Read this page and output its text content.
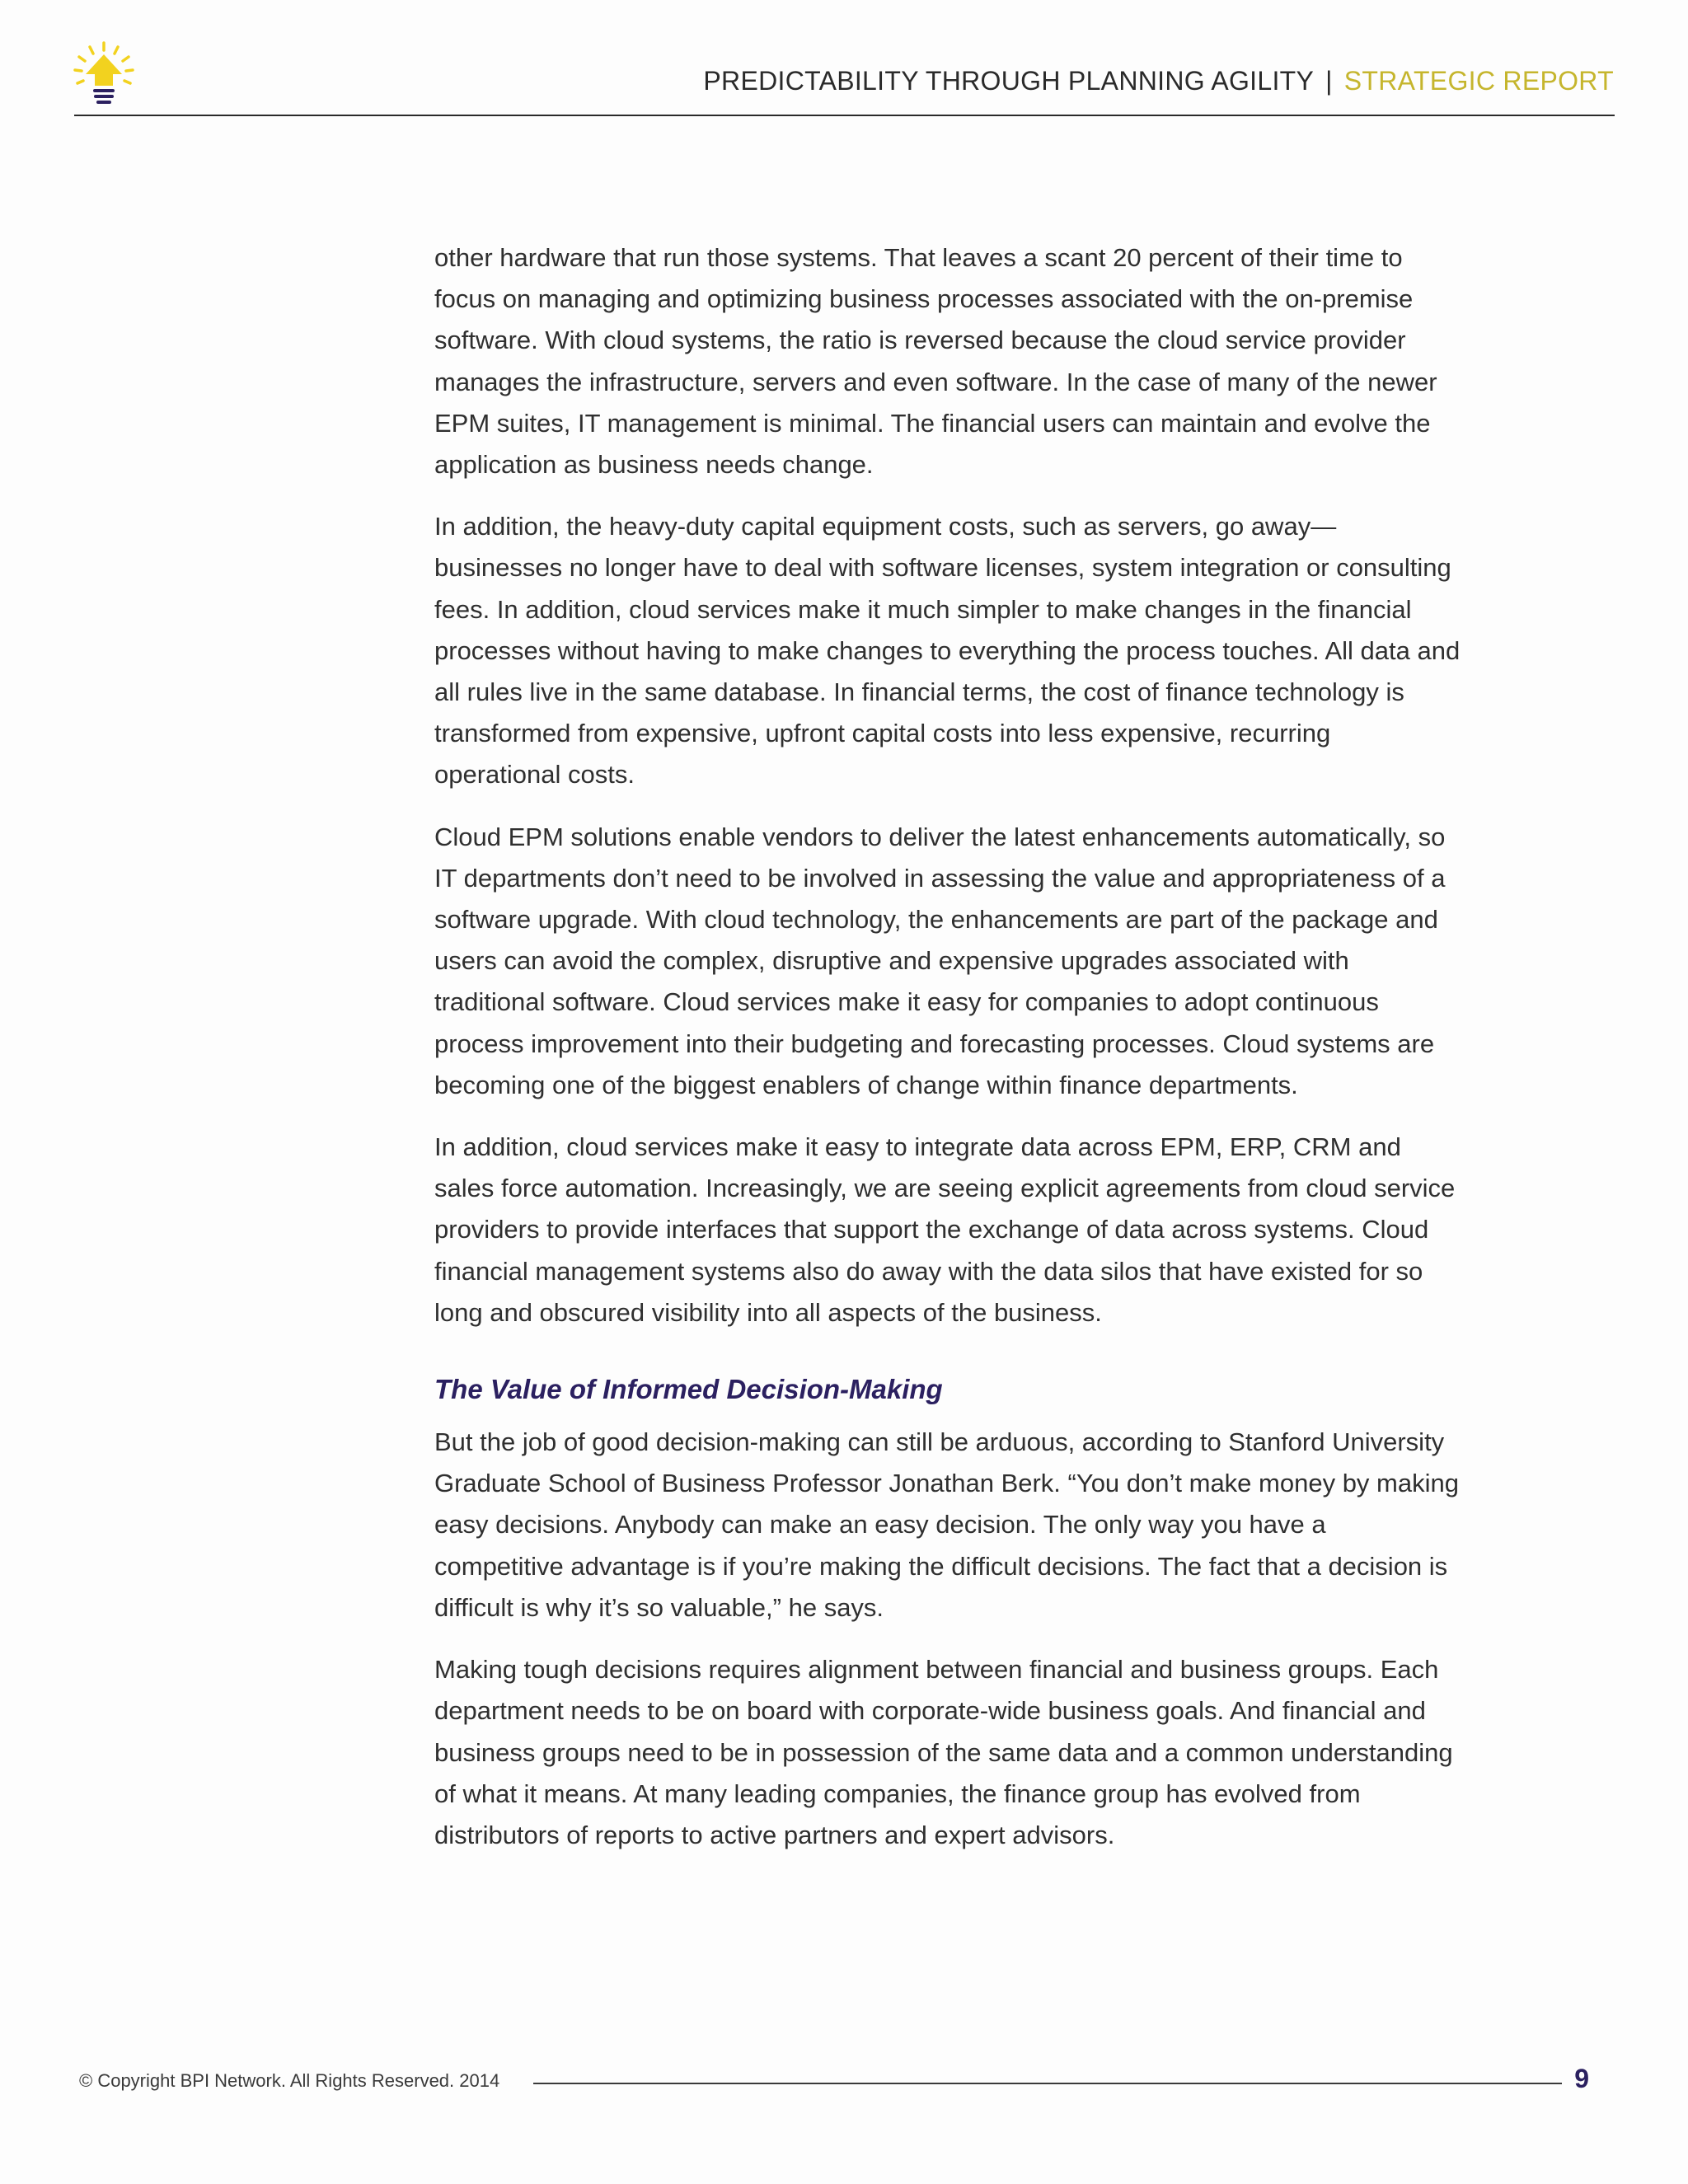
PREDICTABILITY THROUGH PLANNING AGILITY | STRATEGIC REPORT

other hardware that run those systems. That leaves a scant 20 percent of their time to focus on managing and optimizing business processes associated with the on-premise software. With cloud systems, the ratio is reversed because the cloud service provider manages the infrastructure, servers and even software. In the case of many of the newer EPM suites, IT management is minimal. The financial users can maintain and evolve the application as business needs change.

In addition, the heavy-duty capital equipment costs, such as servers, go away—businesses no longer have to deal with software licenses, system integration or consulting fees. In addition, cloud services make it much simpler to make changes in the financial processes without having to make changes to everything the process touches. All data and all rules live in the same database. In financial terms, the cost of finance technology is transformed from expensive, upfront capital costs into less expensive, recurring operational costs.

Cloud EPM solutions enable vendors to deliver the latest enhancements automatically, so IT departments don’t need to be involved in assessing the value and appropriateness of a software upgrade. With cloud technology, the enhancements are part of the package and users can avoid the complex, disruptive and expensive upgrades associated with traditional software. Cloud services make it easy for companies to adopt continuous process improvement into their budgeting and forecasting processes. Cloud systems are becoming one of the biggest enablers of change within finance departments.

In addition, cloud services make it easy to integrate data across EPM, ERP, CRM and sales force automation. Increasingly, we are seeing explicit agreements from cloud service providers to provide interfaces that support the exchange of data across systems. Cloud financial management systems also do away with the data silos that have existed for so long and obscured visibility into all aspects of the business.

The Value of Informed Decision-Making

But the job of good decision-making can still be arduous, according to Stanford University Graduate School of Business Professor Jonathan Berk. “You don’t make money by making easy decisions. Anybody can make an easy decision. The only way you have a competitive advantage is if you’re making the difficult decisions. The fact that a decision is difficult is why it’s so valuable,” he says.

Making tough decisions requires alignment between financial and business groups. Each department needs to be on board with corporate-wide business goals. And financial and business groups need to be in possession of the same data and a common understanding of what it means. At many leading companies, the finance group has evolved from distributors of reports to active partners and expert advisors.

© Copyright BPI Network. All Rights Reserved. 2014	9
